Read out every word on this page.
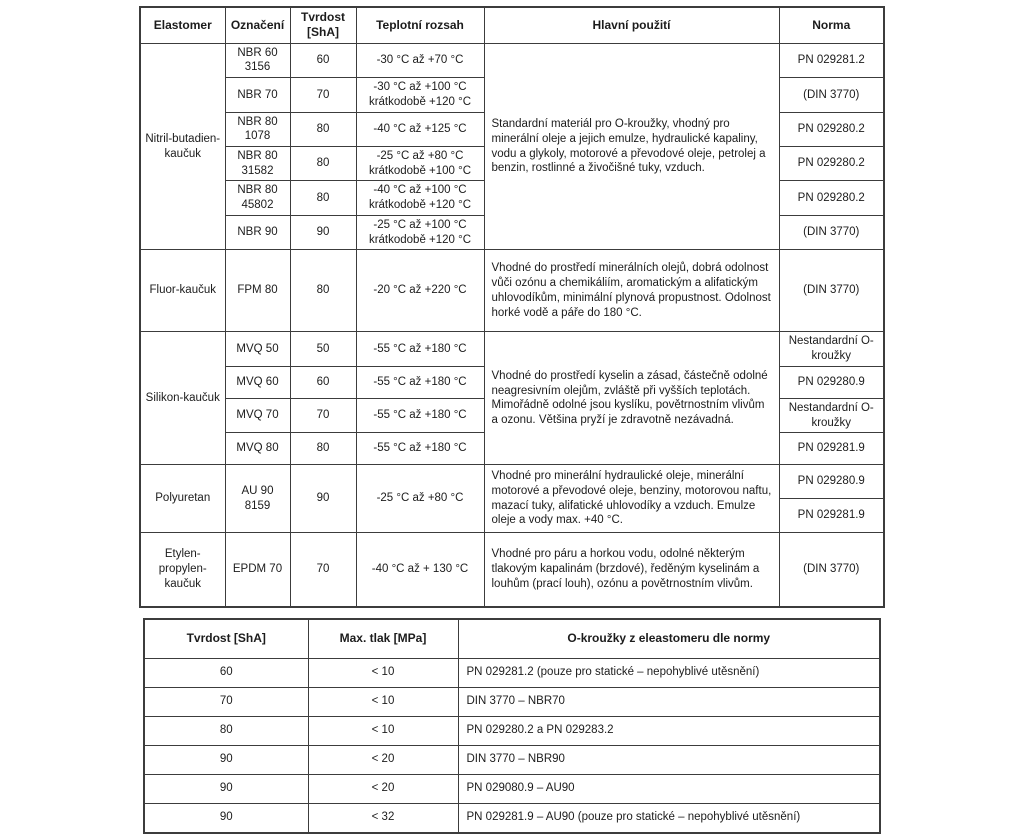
Elastomer	Označení	Tvrdost [ShA]	Teplotní rozsah	Hlavní použití	Norma
Nitril-butadien-kaučuk	NBR 60 3156	60	-30 °C až +70 °C	Standardní materiál pro O-kroužky, vhodný pro minerální oleje a jejich emulze, hydraulické kapaliny, vodu a glykoly, motorové a převodové oleje, petrolej a benzin, rostlinné a živočišné tuky, vzduch.	PN 029281.2
	NBR 70	70	-30 °C až +100 °C krátkodobě +120 °C		(DIN 3770)
	NBR 80 1078	80	-40 °C až +125 °C		PN 029280.2
	NBR 80 31582	80	-25 °C až +80 °C krátkodobě +100 °C		PN 029280.2
	NBR 80 45802	80	-40 °C až +100 °C krátkodobě +120 °C		PN 029280.2
	NBR 90	90	-25 °C až +100 °C krátkodobě +120 °C		(DIN 3770)
Fluor-kaučuk	FPM 80	80	-20 °C až +220 °C	Vhodné do prostředí minerálních olejů, dobrá odolnost vůči ozónu a chemikáliím, aromatickým a alifatickým uhlovodíkům, minimální plynová propustnost. Odolnost horké vodě a páře do 180 °C.	(DIN 3770)
Silikon-kaučuk	MVQ 50	50	-55 °C až +180 °C	Vhodné do prostředí kyselin a zásad, částečně odolné neagresivním olejům, zvláště při vyšších teplotách. Mimořádně odolné jsou kyslíku, povětrnostním vlivům a ozonu. Většina pryží je zdravotně nezávadná.	Nestandardní O-kroužky
	MVQ 60	60	-55 °C až +180 °C		PN 029280.9
	MVQ 70	70	-55 °C až +180 °C		Nestandardní O-kroužky
	MVQ 80	80	-55 °C až +180 °C		PN 029281.9
Polyuretan	AU 90 8159	90	-25 °C až +80 °C	Vhodné pro minerální hydraulické oleje, minerální motorové a převodové oleje, benziny, motorovou naftu, mazací tuky, alifatické uhlovodíky a vzduch. Emulze oleje a vody max. +40 °C.	PN 029280.9
					PN 029281.9
Etylen-propylen-kaučuk	EPDM 70	70	-40 °C až + 130 °C	Vhodné pro páru a horkou vodu, odolné některým tlakovým kapalinám (brzdové), ředěným kyselinám a louhům (prací louh), ozónu a povětrnostním vlivům.	(DIN 3770)
Tvrdost [ShA]	Max. tlak [MPa]	O-kroužky z eleastomeru dle normy
60	< 10	PN 029281.2 (pouze pro statické – nepohyblivé utěsnění)
70	< 10	DIN 3770 – NBR70
80	< 10	PN 029280.2 a PN 029283.2
90	< 20	DIN 3770 – NBR90
90	< 20	PN 029080.9 – AU90
90	< 32	PN 029281.9 – AU90 (pouze pro statické – nepohyblivé utěsnění)
